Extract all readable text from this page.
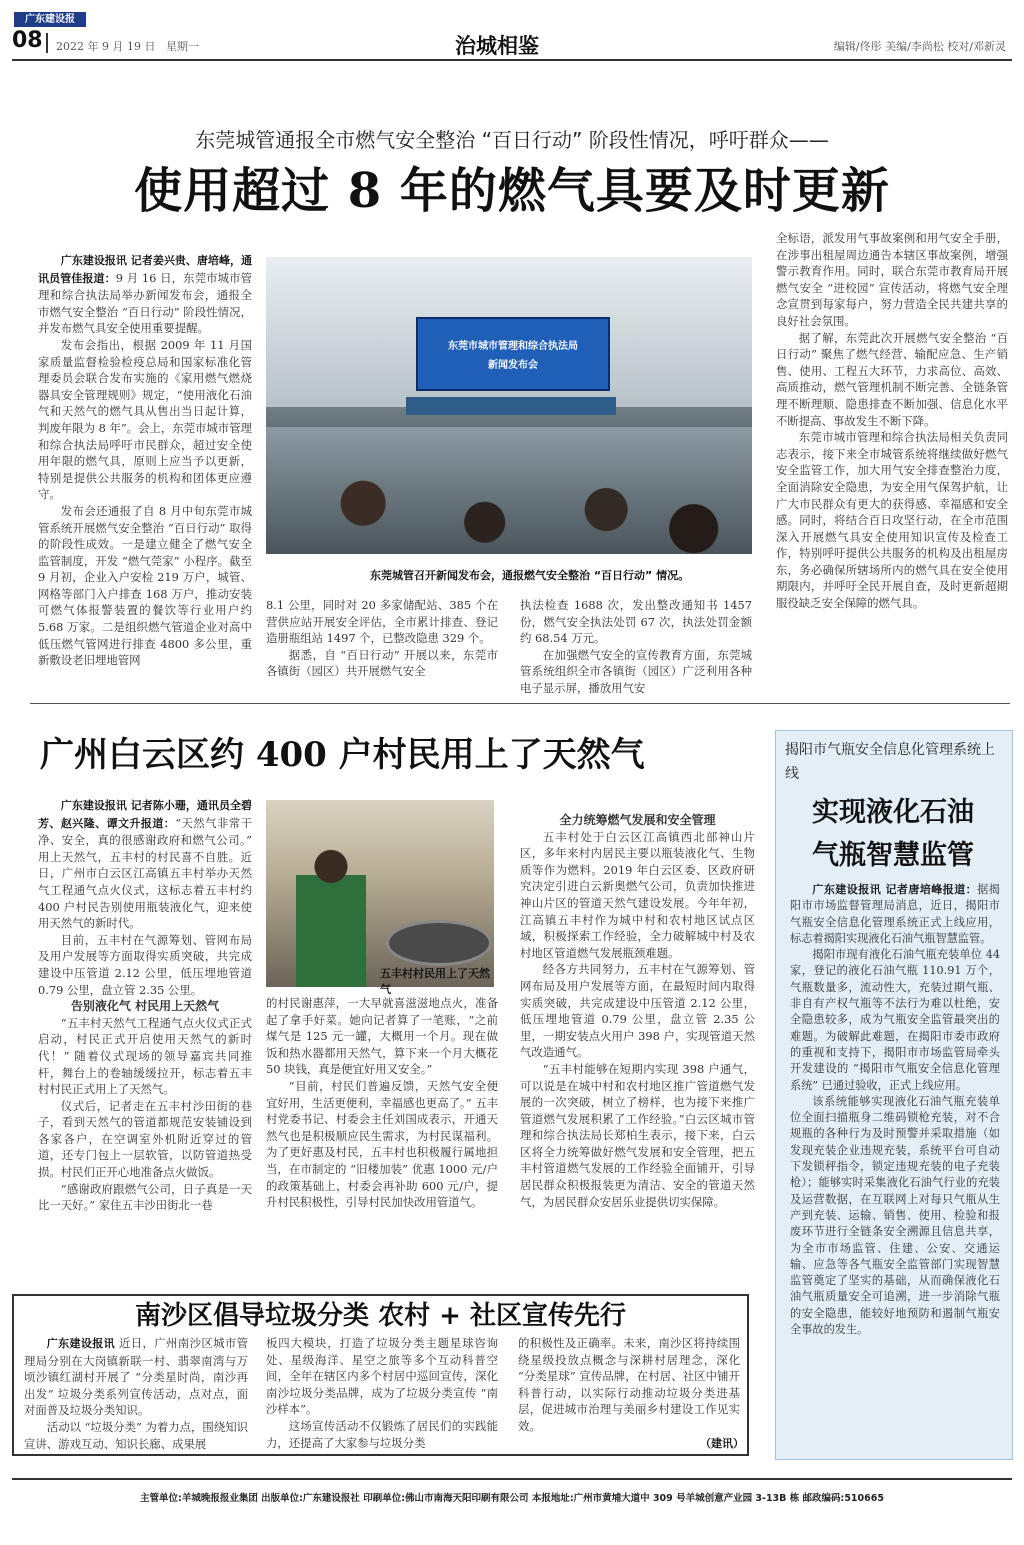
广东建设报
08 2022 年 9 月 19 日 星期一	治城相鉴	编辑/佟彤 美编/李尚松 校对/邓新灵
东莞城管通报全市燃气安全整治 “百日行动” 阶段性情况，呼吁群众——
使用超过 8 年的燃气具要及时更新

广东建设报讯 记者姜兴贵、唐培峰，通讯员管佳报道：9 月 16 日，东莞市城市管理和综合执法局举办新闻发布会，通报全市燃气安全整治 “百日行动” 阶段性情况，并发布燃气具安全使用重要提醒。

发布会指出，根据 2009 年 11 月国家质量监督检验检疫总局和国家标准化管理委员会联合发布实施的《家用燃气燃烧器具安全管理规则》规定，“使用液化石油气和天然气的燃气具从售出当日起计算，判废年限为 8 年”。会上，东莞市城市管理和综合执法局呼吁市民群众，超过安全使用年限的燃气具，原则上应当予以更新，特别是提供公共服务的机构和团体更应遵守。

发布会还通报了自 8 月中旬东莞市城管系统开展燃气安全整治 “百日行动” 取得的阶段性成效。一是建立健全了燃气安全监管制度，开发 “燃气莞家” 小程序。截至 9 月初，企业入户安检 219 万户，城管、网格等部门入户排查 168 万户，推动安装可燃气体报警装置的餐饮等行业用户约 5.68 万家。二是组织燃气管道企业对高中低压燃气管网进行排查 4800 多公里，重新敷设老旧埋地管网

东莞市城市管理和综合执法局
新闻发布会
东莞城管召开新闻发布会，通报燃气安全整治 “百日行动” 情况。

8.1 公里，同时对 20 多家储配站、385 个在营供应站开展安全评估，全市累计排查、登记造册瓶组站 1497 个，已整改隐患 329 个。

据悉，自 “百日行动” 开展以来，东莞市各镇街（园区）共开展燃气安全

执法检查 1688 次，发出整改通知书 1457 份，燃气安全执法处罚 67 次，执法处罚金额约 68.54 万元。

在加强燃气安全的宣传教育方面，东莞城管系统组织全市各镇街（园区）广泛利用各种电子显示屏，播放用气安

全标语，派发用气事故案例和用气安全手册，在涉事出租屋周边通告本辖区事故案例，增强警示教育作用。同时，联合东莞市教育局开展燃气安全 “进校园” 宣传活动，将燃气安全理念宣贯到每家每户，努力营造全民共建共享的良好社会氛围。

据了解，东莞此次开展燃气安全整治 “百日行动” 聚焦了燃气经营、输配应急、生产销售、使用、工程五大环节，力求高位、高效、高质推动，燃气管理机制不断完善、全链条管理不断理顺、隐患排查不断加强、信息化水平不断提高、事故发生不断下降。

东莞市城市管理和综合执法局相关负责同志表示，接下来全市城管系统将继续做好燃气安全监管工作，加大用气安全排查整治力度，全面消除安全隐患，为安全用气保驾护航，让广大市民群众有更大的获得感、幸福感和安全感。同时，将结合百日攻坚行动，在全市范围深入开展燃气具安全使用知识宣传及检查工作，特别呼吁提供公共服务的机构及出租屋房东，务必确保所辖场所内的燃气具在安全使用期限内，并呼吁全民开展自查，及时更新超期服役缺乏安全保障的燃气具。

广州白云区约 400 户村民用上了天然气

广东建设报讯 记者陈小珊，通讯员全碧芳、赵兴隆、谭文升报道：“天然气非常干净、安全，真的很感谢政府和燃气公司。” 用上天然气，五丰村的村民喜不自胜。近日，广州市白云区江高镇五丰村举办天然气工程通气点火仪式，这标志着五丰村约 400 户村民告别使用瓶装液化气，迎来使用天然气的新时代。

目前，五丰村在气源筹划、管网布局及用户发展等方面取得实质突破，共完成建设中压管道 2.12 公里，低压埋地管道 0.79 公里，盘立管 2.35 公里。

告别液化气 村民用上天然气

“五丰村天然气工程通气点火仪式正式启动，村民正式开启使用天然气的新时代！” 随着仪式现场的领导嘉宾共同推杆，舞台上的卷轴缓缓拉开，标志着五丰村村民正式用上了天然气。

仪式后，记者走在五丰村沙田街的巷子，看到天然气的管道都规范安装铺设到各家各户，在空调室外机附近穿过的管道，还专门包上一层软管，以防管道热受损。村民们正开心地准备点火做饭。

“感谢政府跟燃气公司，日子真是一天比一天好。” 家住五丰沙田街北一巷

五丰村村民用上了天然气

的村民谢惠萍，一大早就喜滋滋地点火，准备起了拿手好菜。她向记者算了一笔账，“之前煤气是 125 元一罐，大概用一个月。现在做饭和热水器都用天然气，算下来一个月大概花 50 块钱，真是便宜好用又安全。”

“目前，村民们普遍反馈，天然气安全便宜好用，生活更便利，幸福感也更高了。” 五丰村党委书记、村委会主任刘国成表示，开通天然气也是积极顺应民生需求，为村民谋福利。为了更好惠及村民，五丰村也积极履行属地担当，在市制定的 “旧楼加装” 优惠 1000 元/户的政策基础上，村委会再补助 600 元/户，提升村民积极性，引导村民加快改用管道气。

全力统筹燃气发展和安全管理

五丰村处于白云区江高镇西北部神山片区，多年来村内居民主要以瓶装液化气、生物质等作为燃料。2019 年白云区委、区政府研究决定引进白云新奥燃气公司，负责加快推进神山片区的管道天然气建设发展。今年年初，江高镇五丰村作为城中村和农村地区试点区域，积极探索工作经验，全力破解城中村及农村地区管道燃气发展瓶颈难题。

经各方共同努力，五丰村在气源筹划、管网布局及用户发展等方面，在最短时间内取得实质突破，共完成建设中压管道 2.12 公里，低压埋地管道 0.79 公里，盘立管 2.35 公里，一期安装点火用户 398 户，实现管道天然气改造通气。

“五丰村能够在短期内实现 398 户通气，可以说是在城中村和农村地区推广管道燃气发展的一次突破，树立了榜样，也为接下来推广管道燃气发展积累了工作经验。”白云区城市管理和综合执法局长郑柏生表示，接下来，白云区将全力统筹做好燃气发展和安全管理，把五丰村管道燃气发展的工作经验全面铺开，引导居民群众积极报装更为清洁、安全的管道天然气，为居民群众安居乐业提供切实保障。

揭阳市气瓶安全信息化管理系统上线
实现液化石油
气瓶智慧监管

广东建设报讯 记者唐培峰报道：据揭阳市市场监督管理局消息，近日，揭阳市气瓶安全信息化管理系统正式上线应用，标志着揭阳实现液化石油气瓶智慧监管。

揭阳市现有液化石油气瓶充装单位 44 家，登记的液化石油气瓶 110.91 万个，气瓶数量多，流动性大，充装过期气瓶、非自有产权气瓶等不法行为难以杜绝，安全隐患较多，成为气瓶安全监管最突出的难题。为破解此难题，在揭阳市委市政府的重视和支持下，揭阳市市场监管局牵头开发建设的 “揭阳市气瓶安全信息化管理系统” 已通过验收，正式上线应用。

该系统能够实现液化石油气瓶充装单位全面扫描瓶身二维码锁枪充装，对不合规瓶的各种行为及时预警并采取措施（如发现充装企业违规充装，系统平台可自动下发锁秤指令，锁定违规充装的电子充装枪）；能够实时采集液化石油气行业的充装及运营数据，在互联网上对每只气瓶从生产到充装、运输、销售、使用、检验和报废环节进行全链条安全溯源且信息共享，为全市市场监管、住建、公安、交通运输、应急等各气瓶安全监管部门实现智慧监管奠定了坚实的基础，从而确保液化石油气瓶质量安全可追溯，进一步消除气瓶的安全隐患，能较好地预防和遏制气瓶安全事故的发生。

南沙区倡导垃圾分类 农村 + 社区宣传先行

广东建设报讯 近日，广州南沙区城市管理局分别在大岗镇新联一村、翡翠南湾与万顷沙镇红湖村开展了 “分类星时尚，南沙再出发” 垃圾分类系列宣传活动，点对点，面对面普及垃圾分类知识。

活动以 “垃圾分类” 为着力点，围绕知识宣讲、游戏互动、知识长廊、成果展

板四大模块，打造了垃圾分类主题星球咨询处、星级海洋、星空之旅等多个互动科普空间，全年在辖区内多个村居中巡回宣传，深化南沙垃圾分类品牌，成为了垃圾分类宣传 “南沙样本”。

这场宣传活动不仅锻炼了居民们的实践能力，还提高了大家参与垃圾分类

的积极性及正确率。未来，南沙区将持续围绕星级投放点概念与深耕村居理念，深化 “分类星球” 宣传品牌，在村居、社区中铺开科普行动，以实际行动推动垃圾分类进基层，促进城市治理与美丽乡村建设工作见实效。

（建讯）
主管单位:羊城晚报报业集团 出版单位:广东建设报社 印刷单位:佛山市南海天阳印刷有限公司 本报地址:广州市黄埔大道中 309 号羊城创意产业园 3-13B 栋 邮政编码:510665
